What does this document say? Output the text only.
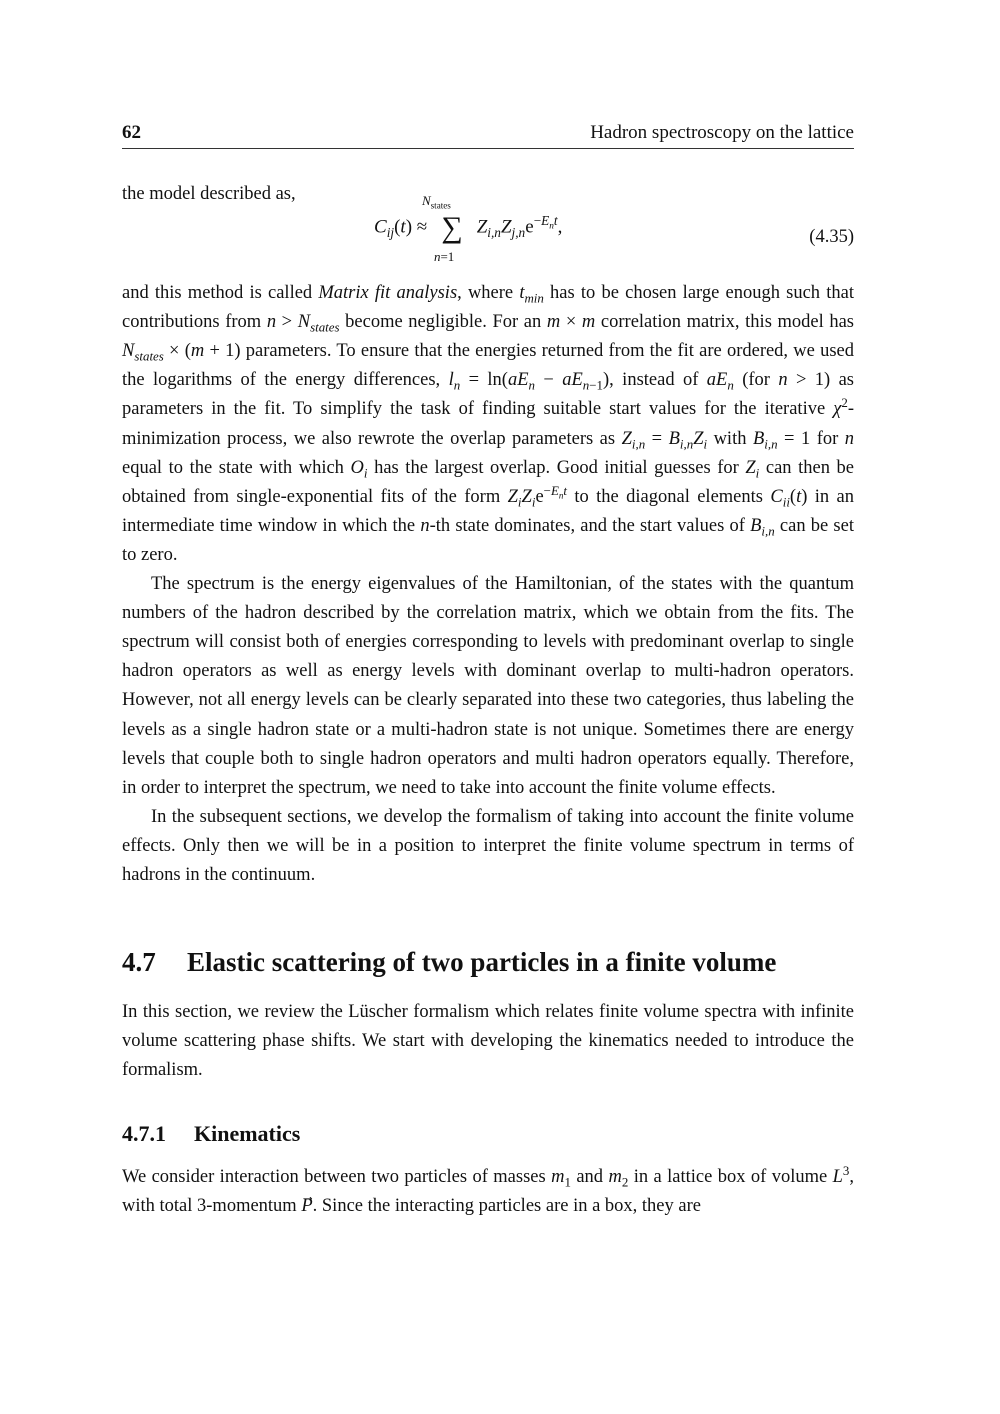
62	Hadron spectroscopy on the lattice

the model described as,

$C_{ij}(t)$ ≈
$N_{states}$
∑
n=1
$Z_{i,n}Z_{j,n}e^{-E_nt}$,	(4.35)

and this method is called Matrix fit analysis, where $t_{min}$ has to be chosen large enough such that contributions from $n > N_{states}$ become negligible. For an m × m correlation matrix, this model has $N_{states} \times (m + 1)$ parameters. To ensure that the energies returned from the fit are ordered, we used the logarithms of the energy differences, $l_n = \ln(aE_n - aE_{n-1})$, instead of $aE_n$ (for n > 1) as parameters in the fit. To simplify the task of finding suitable start values for the iterative $\chi^2$-minimization process, we also rewrote the overlap parameters as $Z_{i,n} = B_{i,n}Z_i$ with $B_{i,n} = 1$ for n equal to the state with which $O_i$ has the largest overlap. Good initial guesses for $Z_i$ can then be obtained from single-exponential fits of the form $Z_iZ_ie^{-E_nt}$ to the diagonal elements $C_{ii}(t)$ in an intermediate time window in which the n-th state dominates, and the start values of $B_{i,n}$ can be set to zero.

The spectrum is the energy eigenvalues of the Hamiltonian, of the states with the quantum numbers of the hadron described by the correlation matrix, which we obtain from the fits. The spectrum will consist both of energies corresponding to levels with predominant overlap to single hadron operators as well as energy levels with dominant overlap to multi-hadron operators. However, not all energy levels can be clearly separated into these two categories, thus labeling the levels as a single hadron state or a multi-hadron state is not unique. Sometimes there are energy levels that couple both to single hadron operators and multi hadron operators equally. Therefore, in order to interpret the spectrum, we need to take into account the finite volume effects.

In the subsequent sections, we develop the formalism of taking into account the finite volume effects. Only then we will be in a position to interpret the finite volume spectrum in terms of hadrons in the continuum.

4.7 Elastic scattering of two particles in a finite volume

In this section, we review the Lüscher formalism which relates finite volume spectra with infinite volume scattering phase shifts. We start with developing the kinematics needed to introduce the formalism.

4.7.1 Kinematics

We consider interaction between two particles of masses $m_1$ and $m_2$ in a lattice box of volume $L^3$, with total 3-momentum P⃗. Since the interacting particles are in a box, they are
